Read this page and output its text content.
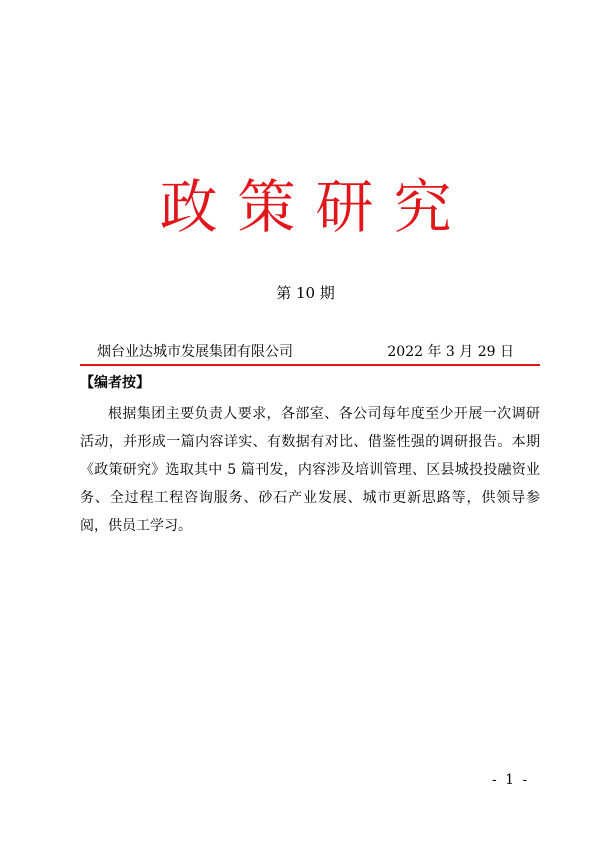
政策研究
第 10 期
烟台业达城市发展集团有限公司	2022 年 3 月 29 日
【编者按】

根据集团主要负责人要求，各部室、各公司每年度至少开展一次调研活动，并形成一篇内容详实、有数据有对比、借鉴性强的调研报告。本期《政策研究》选取其中 5 篇刊发，内容涉及培训管理、区县城投投融资业务、全过程工程咨询服务、砂石产业发展、城市更新思路等，供领导参阅，供员工学习。

- 1 -
